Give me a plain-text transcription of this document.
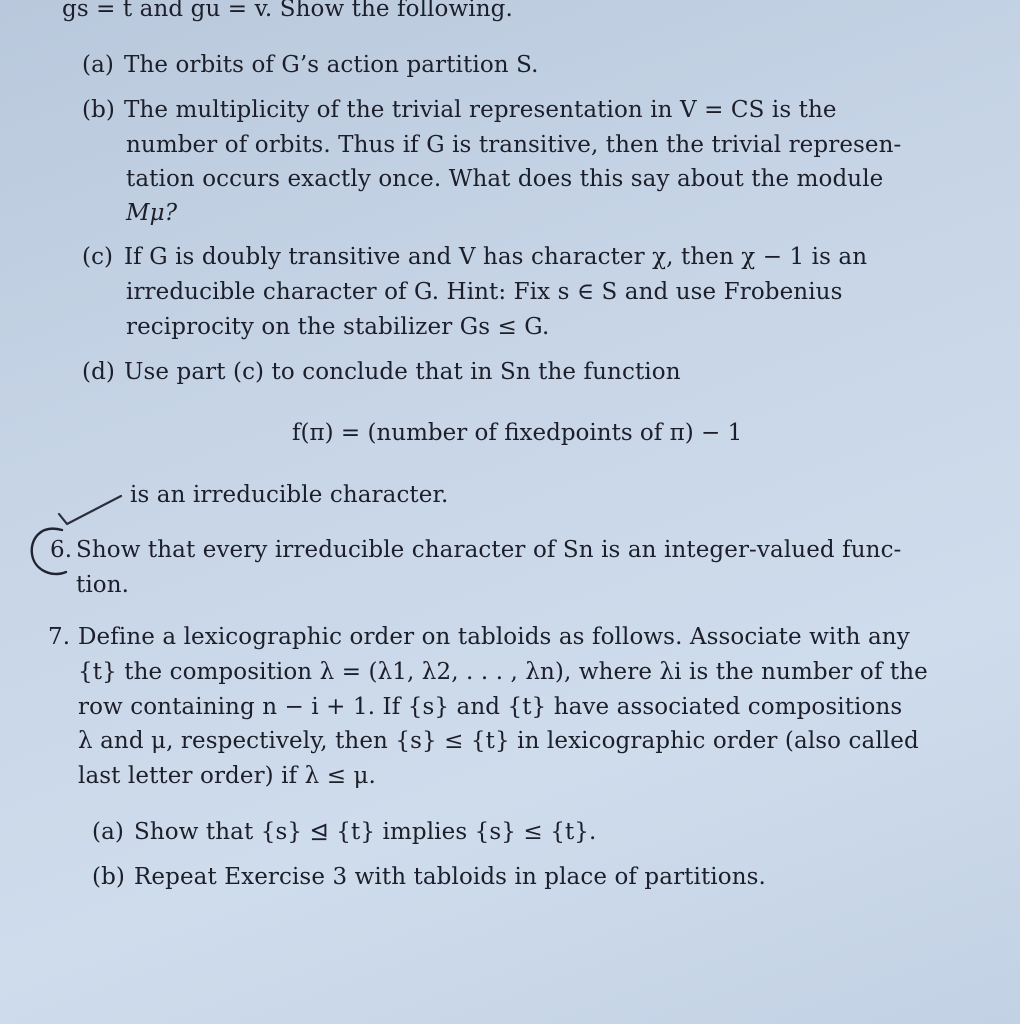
gs = t and gu = v. Show the following.
(a) The orbits of G’s action partition S.
(b) The multiplicity of the trivial representation in V = CS is the
number of orbits. Thus if G is transitive, then the trivial represen-
tation occurs exactly once. What does this say about the module
Mμ?
(c) If G is doubly transitive and V has character χ, then χ − 1 is an
irreducible character of G. Hint: Fix s ∈ S and use Frobenius
reciprocity on the stabilizer Gs ≤ G.
(d) Use part (c) to conclude that in Sn the function
f(π) = (number of fixedpoints of π) − 1
is an irreducible character.
6. Show that every irreducible character of Sn is an integer-valued func-
tion.
7. Define a lexicographic order on tabloids as follows. Associate with any
{t} the composition λ = (λ1, λ2, . . . , λn), where λi is the number of the
row containing n − i + 1. If {s} and {t} have associated compositions
λ and μ, respectively, then {s} ≤ {t} in lexicographic order (also called
last letter order) if λ ≤ μ.
(a) Show that {s} ⊴ {t} implies {s} ≤ {t}.
(b) Repeat Exercise 3 with tabloids in place of partitions.
